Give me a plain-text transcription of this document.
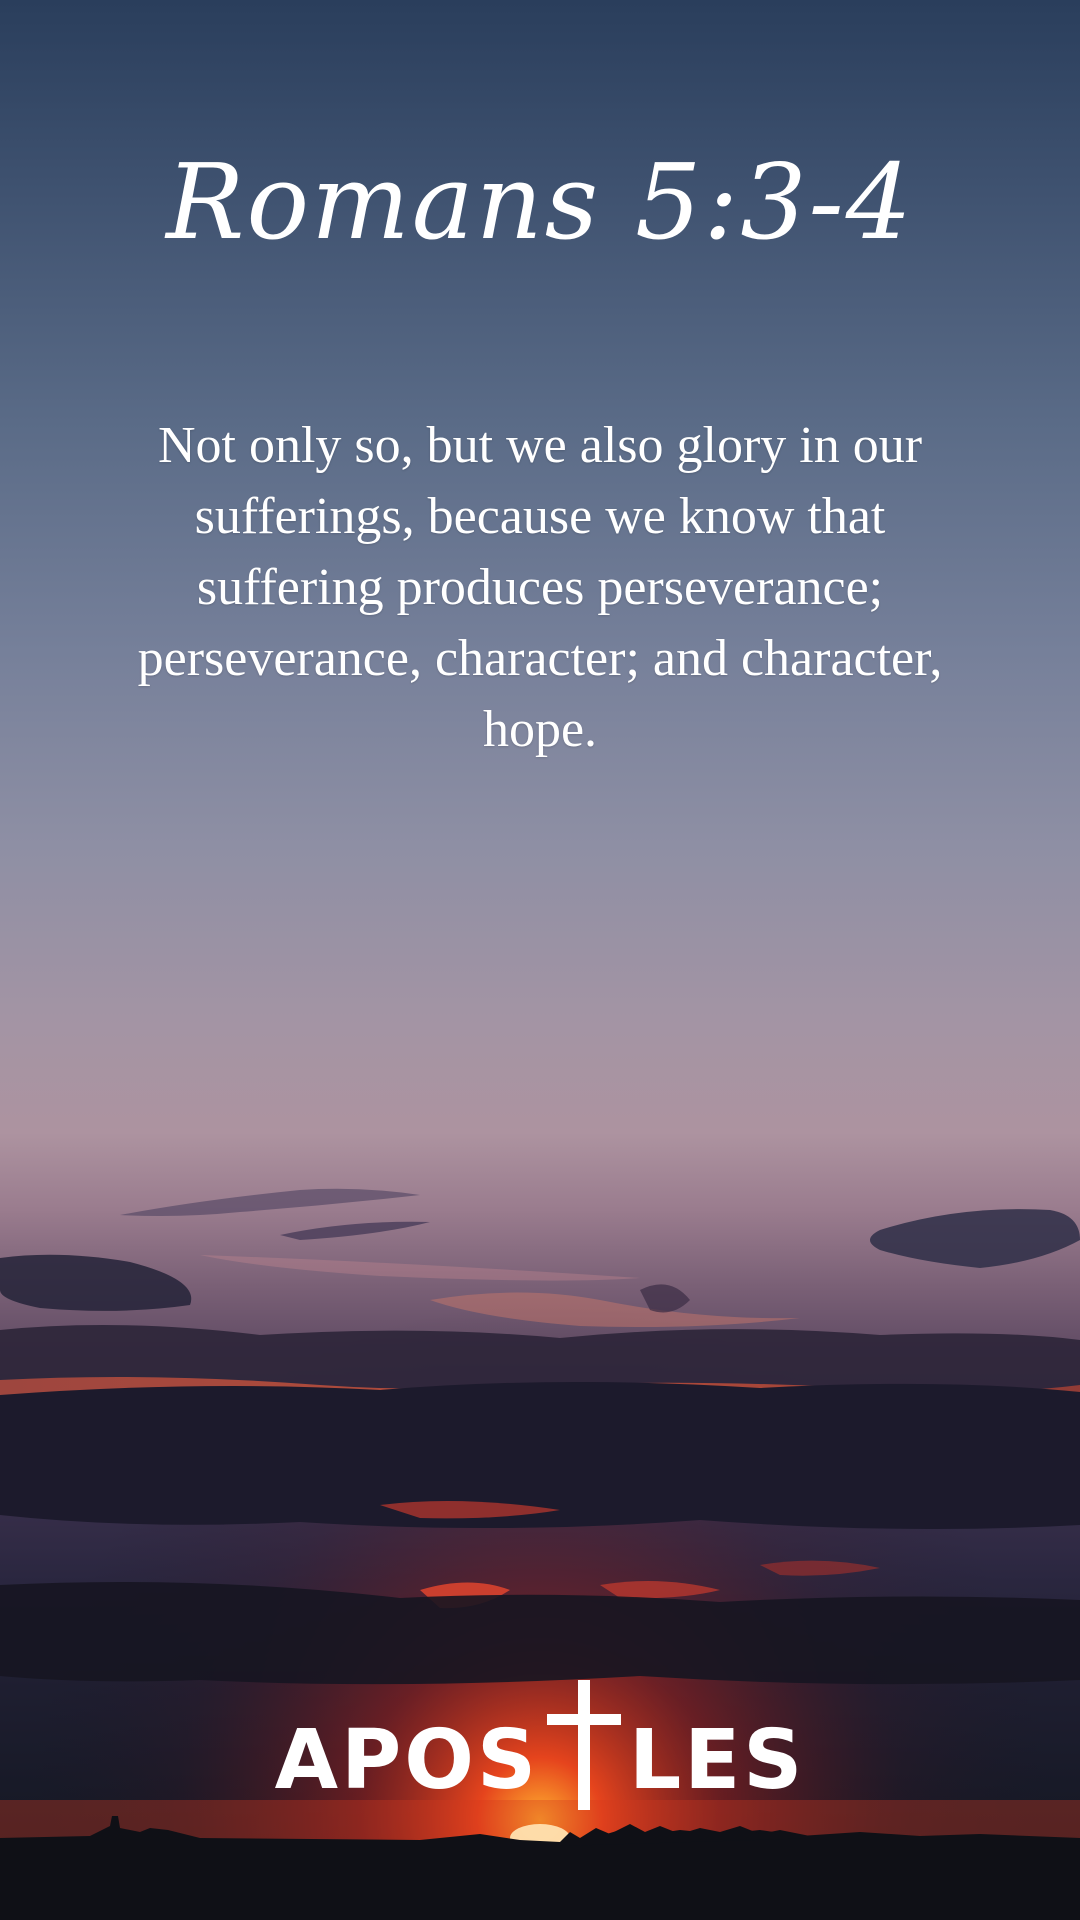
Romans 5:3-4
Not only so, but we also glory in our sufferings, because we know that suffering produces perseverance; perseverance, character; and character, hope.
APOS LES
